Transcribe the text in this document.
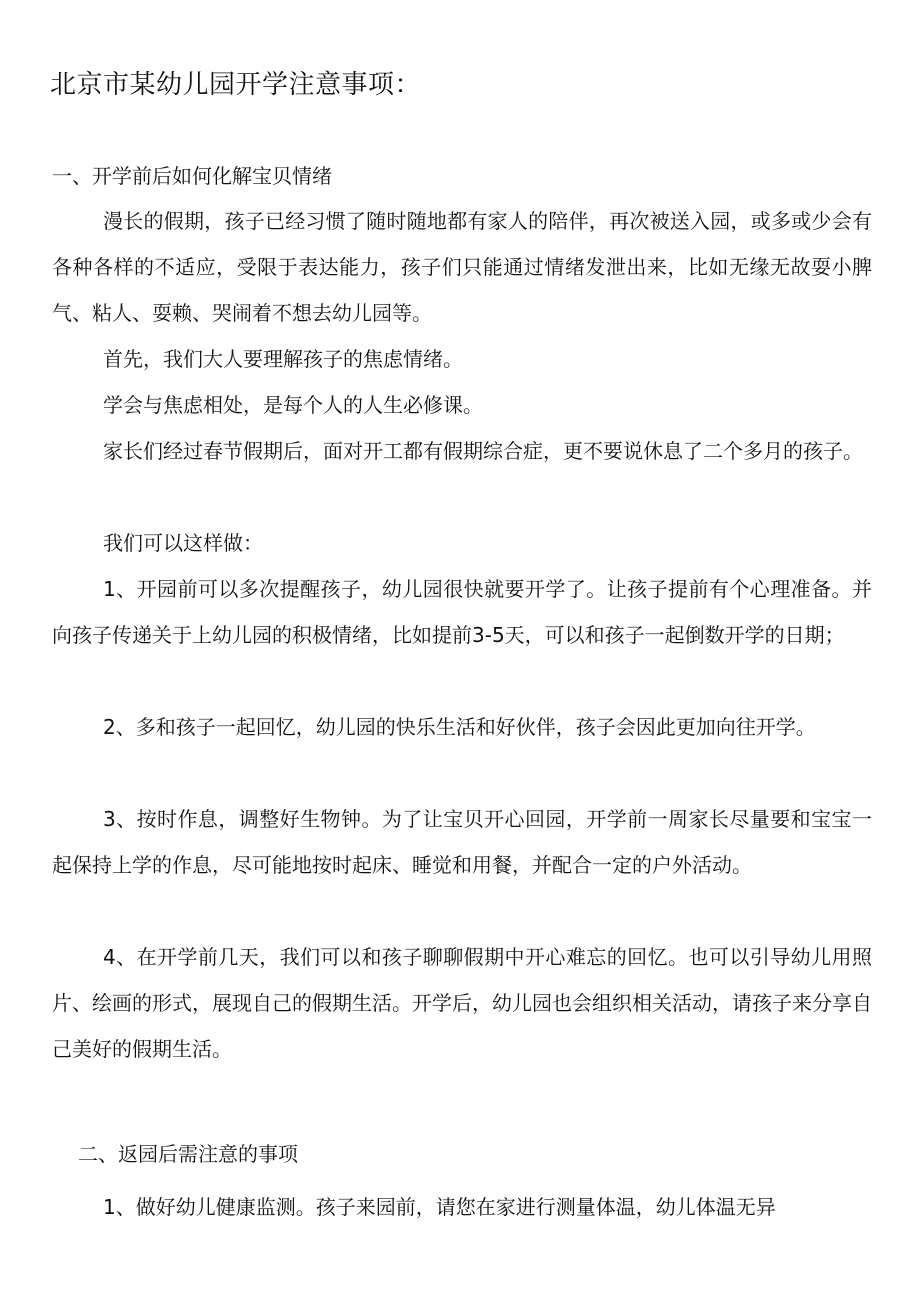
北京市某幼儿园开学注意事项：
一、开学前后如何化解宝贝情绪

漫长的假期，孩子已经习惯了随时随地都有家人的陪伴，再次被送入园，或多或少会有各种各样的不适应，受限于表达能力，孩子们只能通过情绪发泄出来，比如无缘无故耍小脾气、粘人、耍赖、哭闹着不想去幼儿园等。

首先，我们大人要理解孩子的焦虑情绪。

学会与焦虑相处，是每个人的人生必修课。

家长们经过春节假期后，面对开工都有假期综合症，更不要说休息了二个多月的孩子。

我们可以这样做：

1、开园前可以多次提醒孩子，幼儿园很快就要开学了。让孩子提前有个心理准备。并向孩子传递关于上幼儿园的积极情绪，比如提前3-5天，可以和孩子一起倒数开学的日期；

2、多和孩子一起回忆，幼儿园的快乐生活和好伙伴，孩子会因此更加向往开学。

3、按时作息，调整好生物钟。为了让宝贝开心回园，开学前一周家长尽量要和宝宝一起保持上学的作息，尽可能地按时起床、睡觉和用餐，并配合一定的户外活动。

4、在开学前几天，我们可以和孩子聊聊假期中开心难忘的回忆。也可以引导幼儿用照片、绘画的形式，展现自己的假期生活。开学后，幼儿园也会组织相关活动，请孩子来分享自己美好的假期生活。

二、返园后需注意的事项

1、做好幼儿健康监测。孩子来园前，请您在家进行测量体温，幼儿体温无异
